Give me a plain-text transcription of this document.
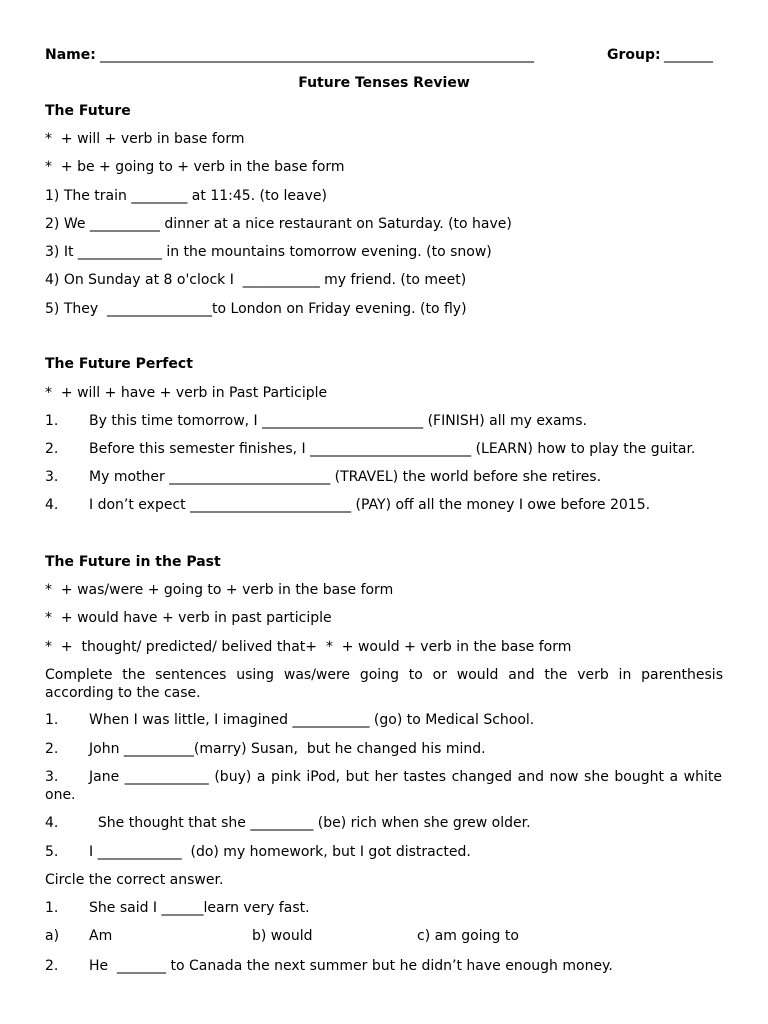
Name: ______________________________________________________________	Group: _______
Future Tenses Review
The Future
*  + will + verb in base form
*  + be + going to + verb in the base form
1) The train ________ at 11:45. (to leave)
2) We __________ dinner at a nice restaurant on Saturday. (to have)
3) It ____________ in the mountains tomorrow evening. (to snow)
4) On Sunday at 8 o'clock I  ___________ my friend. (to meet)
5) They  _______________to London on Friday evening. (to fly)
The Future Perfect
*  + will + have + verb in Past Participle
1. By this time tomorrow, I _______________________ (FINISH) all my exams.
2. Before this semester finishes, I _______________________ (LEARN) how to play the guitar.
3. My mother _______________________ (TRAVEL) the world before she retires.
4. I don’t expect _______________________ (PAY) off all the money I owe before 2015.
The Future in the Past
*  + was/were + going to + verb in the base form
*  + would have + verb in past participle
*  +  thought/ predicted/ belived that+  *  + would + verb in the base form
Complete the sentences using was/were going to or would and the verb in parenthesis according to the case.
1. When I was little, I imagined ___________ (go) to Medical School.
2. John __________(marry) Susan,  but he changed his mind.
3.	Jane ____________ (buy) a pink iPod, but her tastes changed and now she bought a white one.
4. She thought that she _________ (be) rich when she grew older.
5. I ____________  (do) my homework, but I got distracted.
Circle the correct answer.
1. She said I ______learn very fast.
a) Am	b) would	c) am going to
2. He  _______ to Canada the next summer but he didn’t have enough money.
